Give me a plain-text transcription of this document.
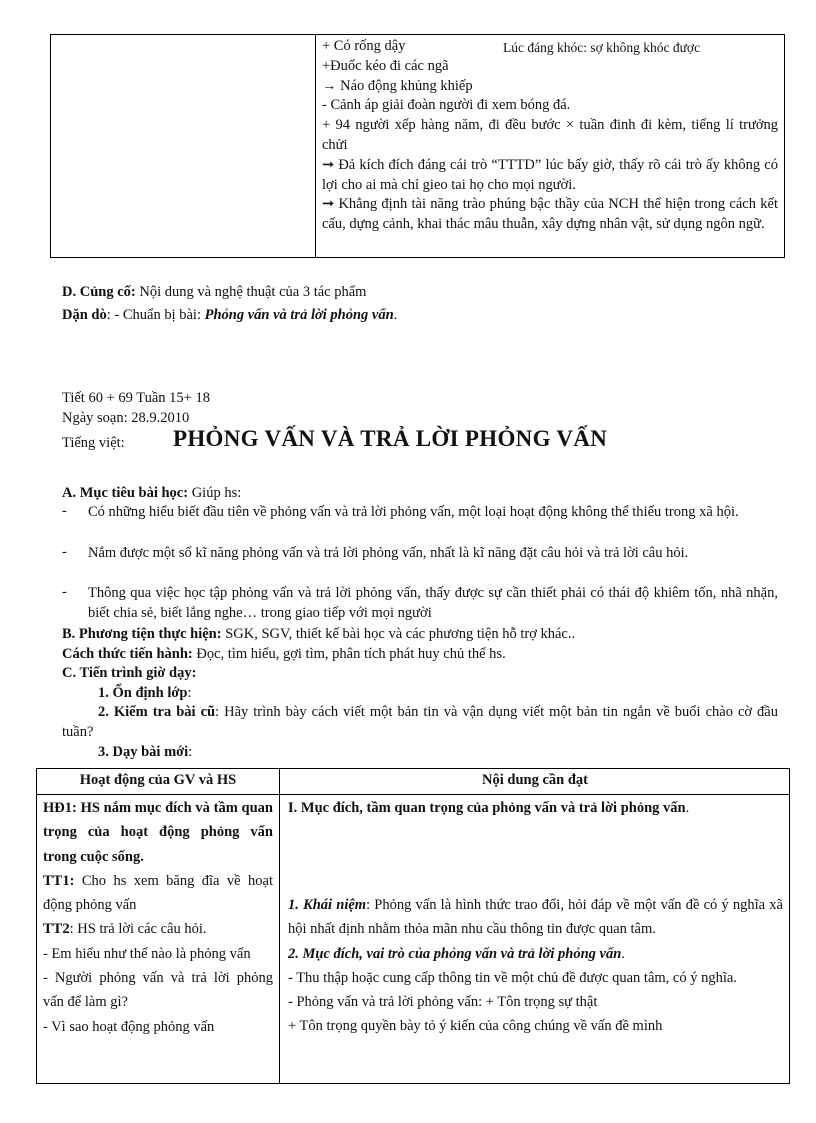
Lúc đáng khóc: sợ không khóc được
+ Có rống dậy
+Đuốc kéo đi các ngã
→ Náo động khủng khiếp
- Cảnh áp giải đoàn người đi xem bóng đá.
+ 94 người xếp hàng năm, đi đều bước × tuần đinh đi kèm, tiếng lí trưởng chửi
➞ Đả kích đích đáng cái trò “TTTD” lúc bấy giờ, thấy rõ cái trò ấy không có lợi cho ai mà chỉ gieo tai họ cho mọi người.
➞ Khẳng định tài năng trào phúng bậc thầy của NCH thể hiện trong cách kết cấu, dựng cảnh, khai thác mâu thuẫn, xây dựng nhân vật, sử dụng ngôn ngữ.
D. Củng cố: Nội dung và nghệ thuật của 3 tác phẩm
Dặn dò: - Chuẩn bị bài: Phỏng vấn và trả lời phỏng vấn.
Tiết 60 + 69 Tuần 15+ 18
Ngày soạn: 28.9.2010
Tiếng việt: PHỎNG VẤN VÀ TRẢ LỜI PHỎNG VẤN
A. Mục tiêu bài học: Giúp hs:
- Có những hiểu biết đầu tiên về phỏng vấn và trả lời phỏng vấn, một loại hoạt động không thể thiếu trong xã hội.
- Nắm được một số kĩ năng phỏng vấn và trả lời phỏng vấn, nhất là kĩ năng đặt câu hỏi và trả lời câu hỏi.
- Thông qua việc học tập phỏng vấn và trả lời phỏng vấn, thấy được sự cần thiết phải có thái độ khiêm tốn, nhã nhặn, biết chia sẻ, biết lắng nghe… trong giao tiếp với mọi người
B. Phương tiện thực hiện: SGK, SGV, thiết kế bài học và các phương tiện hỗ trợ khác..
Cách thức tiến hành: Đọc, tìm hiểu, gợi tìm, phân tích phát huy chủ thể hs.
C. Tiến trình giờ dạy:
1. Ổn định lớp:
2. Kiểm tra bài cũ: Hãy trình bày cách viết một bản tin và vận dụng viết một bản tin ngắn về buổi chào cờ đầu tuần?
3. Dạy bài mới:
Hoạt động của GV và HS	Nội dung cần đạt
HĐ1: HS nắm mục đích và tầm quan trọng của hoạt động phỏng vấn trong cuộc sống.
TT1: Cho hs xem băng đĩa về hoạt động phỏng vấn
TT2: HS trả lời các câu hỏi.
- Em hiểu như thế nào là phỏng vấn
- Người phỏng vấn và trả lời phỏng vấn để làm gì?
- Vì sao hoạt động phỏng vấn
I. Mục đích, tầm quan trọng của phỏng vấn và trả lời phỏng vấn.
1. Khái niệm: Phỏng vấn là hình thức trao đổi, hỏi đáp về một vấn đề có ý nghĩa xã hội nhất định nhằm thỏa mãn nhu cầu thông tin được quan tâm.
2. Mục đích, vai trò của phỏng vấn và trả lời phỏng vấn.
- Thu thập hoặc cung cấp thông tin về một chủ đề được quan tâm, có ý nghĩa.
- Phỏng vấn và trả lời phỏng vấn: + Tôn trọng sự thật
+ Tôn trọng quyền bày tỏ ý kiến của công chúng về vấn đề mình
